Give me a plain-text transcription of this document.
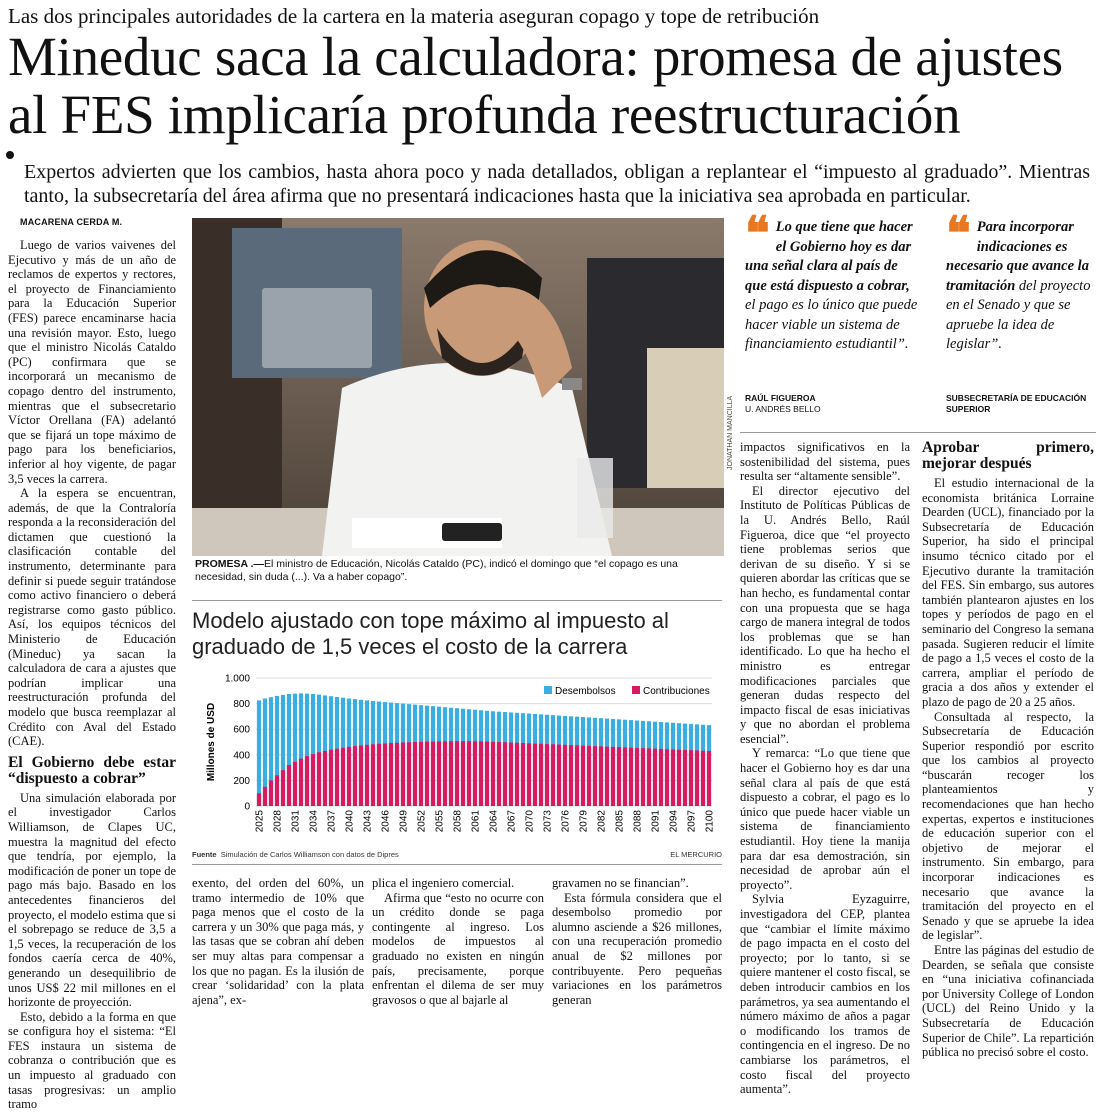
Las dos principales autoridades de la cartera en la materia aseguran copago y tope de retribución
Mineduc saca la calculadora: promesa de ajustes
al FES implicaría profunda reestructuración
Expertos advierten que los cambios, hasta ahora poco y nada detallados, obligan a replantear el “impuesto al graduado”. Mientras tanto, la subsecretaría del área afirma que no presentará indicaciones hasta que la iniciativa sea aprobada en particular.
MACARENA CERDA M.

Luego de varios vaivenes del Ejecutivo y más de un año de reclamos de expertos y rectores, el proyecto de Financiamiento para la Educación Superior (FES) parece encaminarse hacia una revisión mayor. Esto, luego que el ministro Nicolás Cataldo (PC) confirmara que se incorporará un mecanismo de copago dentro del instrumento, mientras que el subsecretario Víctor Orellana (FA) adelantó que se fijará un tope máximo de pago para los beneficiarios, inferior al hoy vigente, de pagar 3,5 veces la carrera.

A la espera se encuentran, además, de que la Contraloría responda a la reconsideración del dictamen que cuestionó la clasificación contable del instrumento, determinante para definir si puede seguir tratándose como activo financiero o deberá registrarse como gasto público. Así, los equipos técnicos del Ministerio de Educación (Mineduc) ya sacan la calculadora de cara a ajustes que podrían implicar una reestructuración profunda del modelo que busca reemplazar al Crédito con Aval del Estado (CAE).

El Gobierno debe estar “dispuesto a cobrar”

Una simulación elaborada por el investigador Carlos Williamson, de Clapes UC, muestra la magnitud del efecto que tendría, por ejemplo, la modificación de poner un tope de pago más bajo. Basado en los antecedentes financieros del proyecto, el modelo estima que si el sobrepago se reduce de 3,5 a 1,5 veces, la recuperación de los fondos caería cerca de 40%, generando un desequilibrio de unos US$ 22 mil millones en el horizonte de proyección.

Esto, debido a la forma en que se configura hoy el sistema: “El FES instaura un sistema de cobranza o contribución que es un impuesto al graduado con tasas progresivas: un amplio tramo

JONATHAN MANCILLA
PROMESA .—El ministro de Educación, Nicolás Cataldo (PC), indicó el domingo que “el copago es una necesidad, sin duda (...). Va a haber copago”.
Modelo ajustado con tope máximo al impuesto al graduado de 1,5 veces el costo de la carrera
Millones de USD
0
200
400
600
800
1.000
2025 2028 2031 2034 2037 2040 2043 2046 2049 2052 2055 2058 2061 2064 2067 2070 2073 2076 2079 2082 2085 2088 2091 2094 2097 2100
Desembolsos	Contribuciones
Fuente Simulación de Carlos Williamson con datos de Dipres	EL MERCURIO

exento, del orden del 60%, un tramo intermedio de 10% que paga menos que el costo de la carrera y un 30% que paga más, y las tasas que se cobran ahí deben ser muy altas para compensar a los que no pagan. Es la ilusión de crear ‘solidaridad’ con la plata ajena”, ex-

plica el ingeniero comercial.

Afirma que “esto no ocurre con un crédito donde se paga contingente al ingreso. Los modelos de impuestos al graduado no existen en ningún país, precisamente, porque enfrentan el dilema de ser muy gravosos o que al bajarle al

gravamen no se financian”.

Esta fórmula considera que el desembolso promedio por alumno asciende a $26 millones, con una recuperación promedio anual de $2 millones por contribuyente. Pero pequeñas variaciones en los parámetros generan

❝ Lo que tiene que hacer el Gobierno hoy es dar una señal clara al país de que está dispuesto a cobrar, el pago es lo único que puede hacer viable un sistema de financiamiento estudiantil”.
RAÚL FIGUEROA
U. ANDRÉS BELLO
❝ Para incorporar indicaciones es necesario que avance la tramitación del proyecto en el Senado y que se apruebe la idea de legislar”.
SUBSECRETARÍA DE EDUCACIÓN
SUPERIOR

impactos significativos en la sostenibilidad del sistema, pues resulta ser “altamente sensible”.

El director ejecutivo del Instituto de Políticas Públicas de la U. Andrés Bello, Raúl Figueroa, dice que “el proyecto tiene problemas serios que derivan de su diseño. Y si se quieren abordar las críticas que se han hecho, es fundamental contar con una propuesta que se haga cargo de manera integral de todos los problemas que se han identificado. Lo que ha hecho el ministro es entregar modificaciones parciales que generan dudas respecto del impacto fiscal de esas iniciativas y que no abordan el problema esencial”.

Y remarca: “Lo que tiene que hacer el Gobierno hoy es dar una señal clara al país de que está dispuesto a cobrar, el pago es lo único que puede hacer viable un sistema de financiamiento estudiantil. Hoy tiene la manija para dar esa demostración, sin necesidad de aprobar aún el proyecto”.

Sylvia Eyzaguirre, investigadora del CEP, plantea que “cambiar el límite máximo de pago impacta en el costo del proyecto; por lo tanto, si se quiere mantener el costo fiscal, se deben introducir cambios en los parámetros, ya sea aumentando el número máximo de años a pagar o modificando los tramos de contingencia en el ingreso. De no cambiarse los parámetros, el costo fiscal del proyecto aumenta”.

Aprobar primero, mejorar después

El estudio internacional de la economista británica Lorraine Dearden (UCL), financiado por la Subsecretaría de Educación Superior, ha sido el principal insumo técnico citado por el Ejecutivo durante la tramitación del FES. Sin embargo, sus autores también plantearon ajustes en los topes y períodos de pago en el seminario del Congreso la semana pasada. Sugieren reducir el límite de pago a 1,5 veces el costo de la carrera, ampliar el período de gracia a dos años y extender el plazo de pago de 20 a 25 años.

Consultada al respecto, la Subsecretaría de Educación Superior respondió por escrito que los cambios al proyecto “buscarán recoger los planteamientos y recomendaciones que han hecho expertas, expertos e instituciones de educación superior con el objetivo de mejorar el instrumento. Sin embargo, para incorporar indicaciones es necesario que avance la tramitación del proyecto en el Senado y que se apruebe la idea de legislar”.

Entre las páginas del estudio de Dearden, se señala que consiste en “una iniciativa cofinanciada por University College of London (UCL) del Reino Unido y la Subsecretaría de Educación Superior de Chile”. La repartición pública no precisó sobre el costo.
